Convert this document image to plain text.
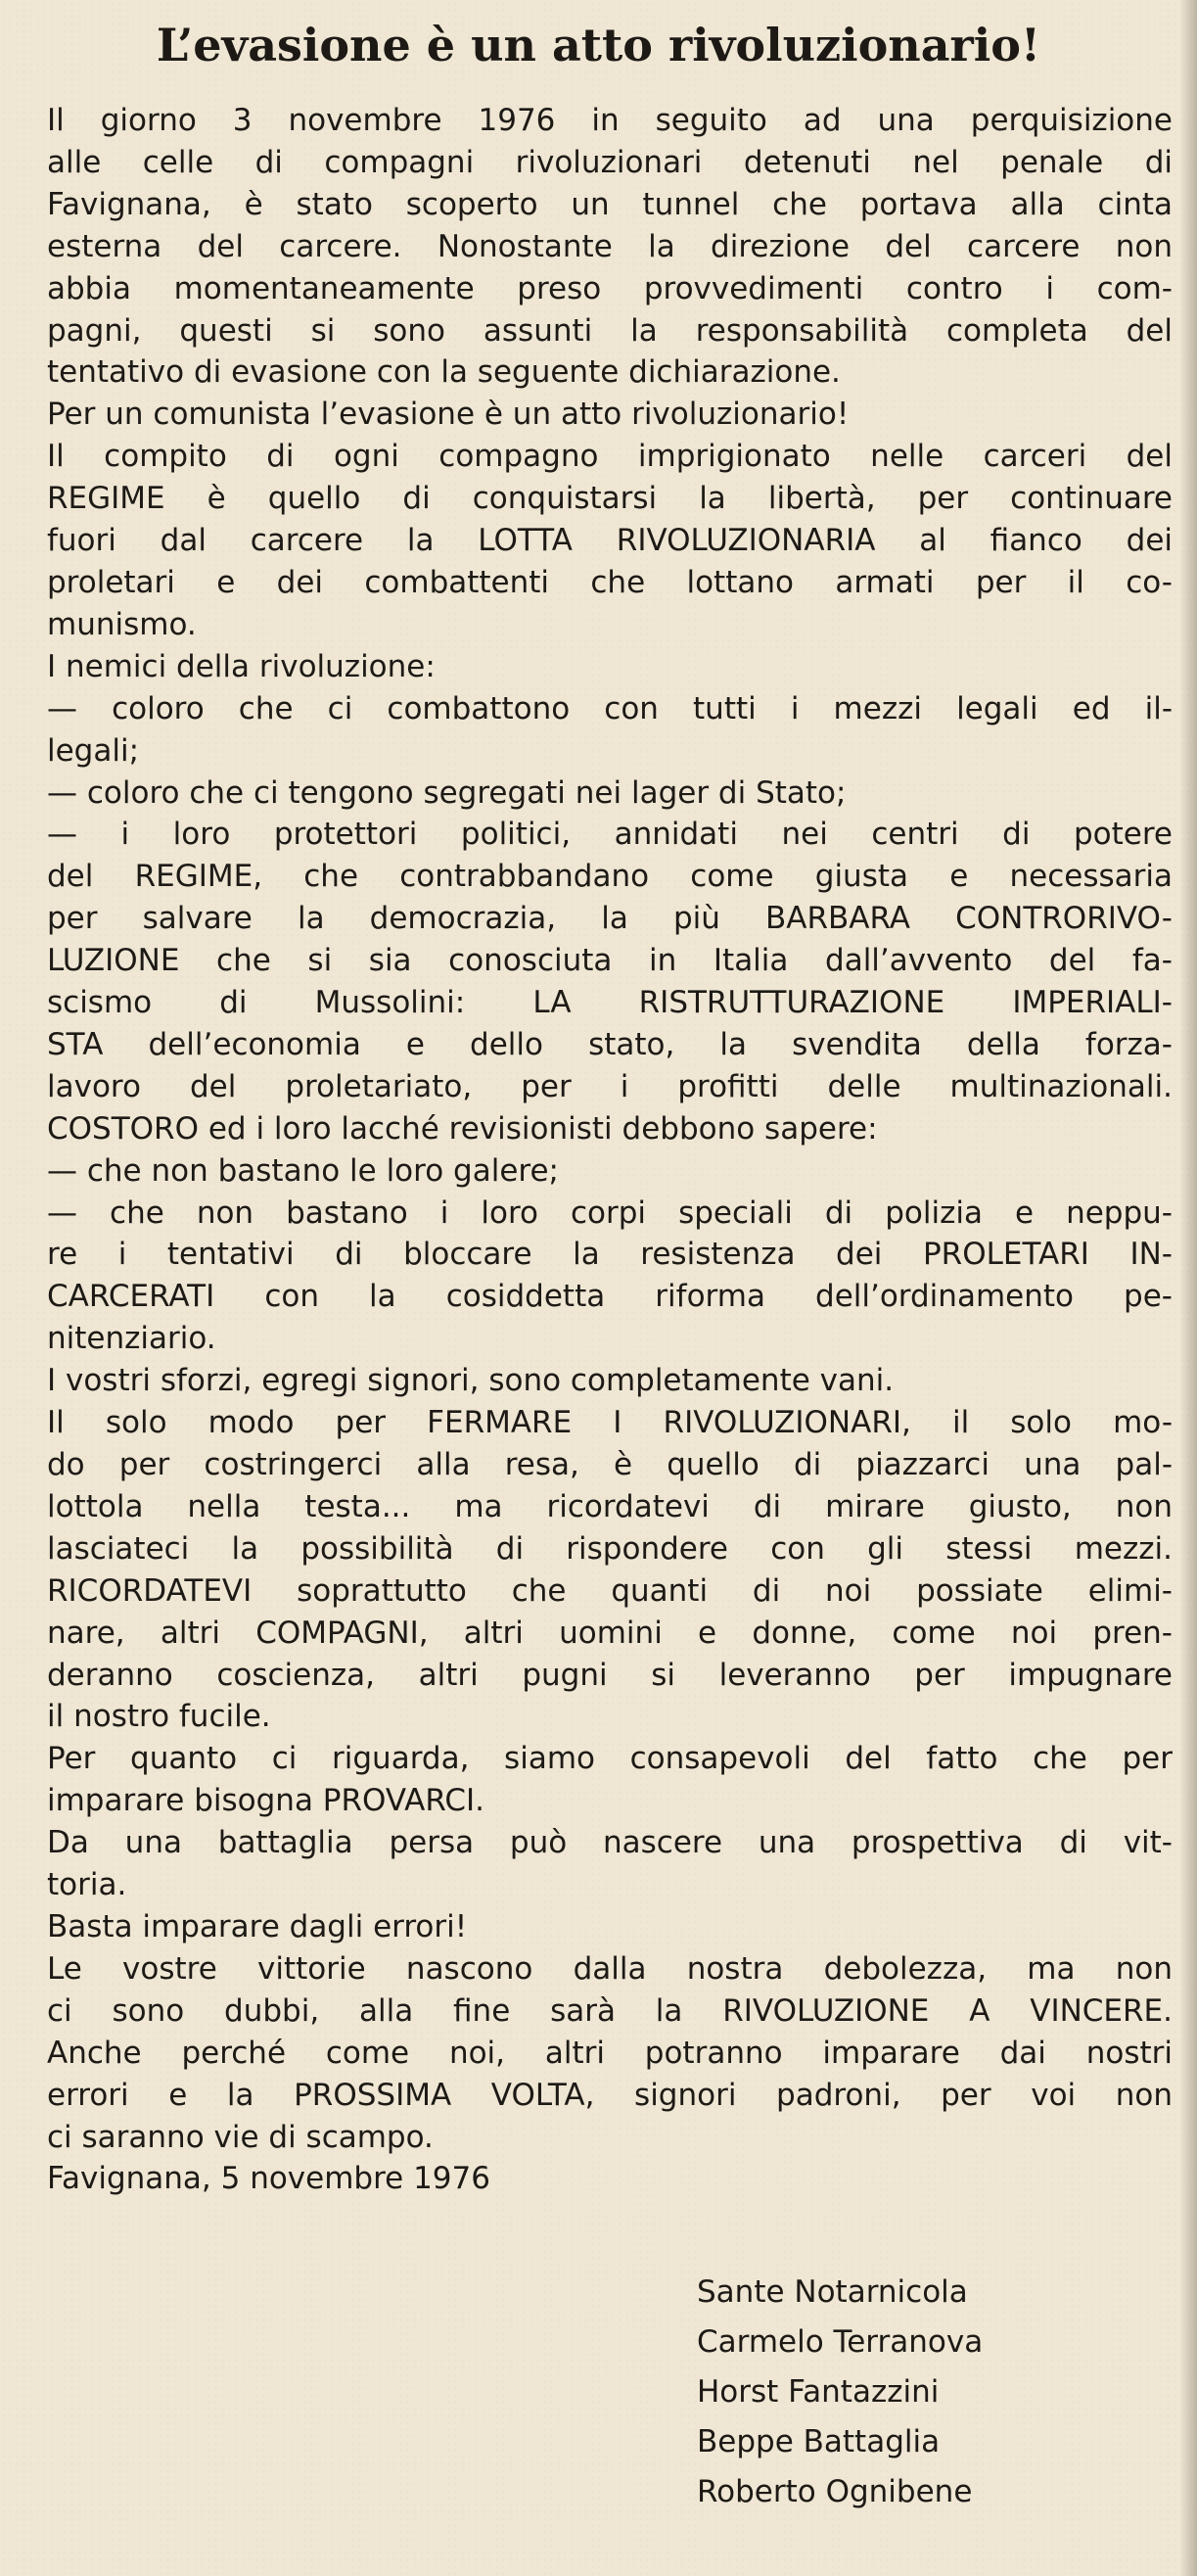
L’evasione è un atto rivoluzionario!
Il giorno 3 novembre 1976 in seguito ad una perquisizione
alle celle di compagni rivoluzionari detenuti nel penale di
Favignana, è stato scoperto un tunnel che portava alla cinta
esterna del carcere. Nonostante la direzione del carcere non
abbia momentaneamente preso provvedimenti contro i com-
pagni, questi si sono assunti la responsabilità completa del
tentativo di evasione con la seguente dichiarazione.
Per un comunista l’evasione è un atto rivoluzionario!
Il compito di ogni compagno imprigionato nelle carceri del
REGIME è quello di conquistarsi la libertà, per continuare
fuori dal carcere la LOTTA RIVOLUZIONARIA al fianco dei
proletari e dei combattenti che lottano armati per il co-
munismo.
I nemici della rivoluzione:
— coloro che ci combattono con tutti i mezzi legali ed il-
legali;
— coloro che ci tengono segregati nei lager di Stato;
— i loro protettori politici, annidati nei centri di potere
del REGIME, che contrabbandano come giusta e necessaria
per salvare la democrazia, la più BARBARA CONTRORIVO-
LUZIONE che si sia conosciuta in Italia dall’avvento del fa-
scismo di Mussolini: LA RISTRUTTURAZIONE IMPERIALI-
STA dell’economia e dello stato, la svendita della forza-
lavoro del proletariato, per i profitti delle multinazionali.
COSTORO ed i loro lacché revisionisti debbono sapere:
— che non bastano le loro galere;
— che non bastano i loro corpi speciali di polizia e neppu-
re i tentativi di bloccare la resistenza dei PROLETARI IN-
CARCERATI con la cosiddetta riforma dell’ordinamento pe-
nitenziario.
I vostri sforzi, egregi signori, sono completamente vani.
Il solo modo per FERMARE I RIVOLUZIONARI, il solo mo-
do per costringerci alla resa, è quello di piazzarci una pal-
lottola nella testa... ma ricordatevi di mirare giusto, non
lasciateci la possibilità di rispondere con gli stessi mezzi.
RICORDATEVI soprattutto che quanti di noi possiate elimi-
nare, altri COMPAGNI, altri uomini e donne, come noi pren-
deranno coscienza, altri pugni si leveranno per impugnare
il nostro fucile.
Per quanto ci riguarda, siamo consapevoli del fatto che per
imparare bisogna PROVARCI.
Da una battaglia persa può nascere una prospettiva di vit-
toria.
Basta imparare dagli errori!
Le vostre vittorie nascono dalla nostra debolezza, ma non
ci sono dubbi, alla fine sarà la RIVOLUZIONE A VINCERE.
Anche perché come noi, altri potranno imparare dai nostri
errori e la PROSSIMA VOLTA, signori padroni, per voi non
ci saranno vie di scampo.
Favignana, 5 novembre 1976
Sante Notarnicola
Carmelo Terranova
Horst Fantazzini
Beppe Battaglia
Roberto Ognibene
